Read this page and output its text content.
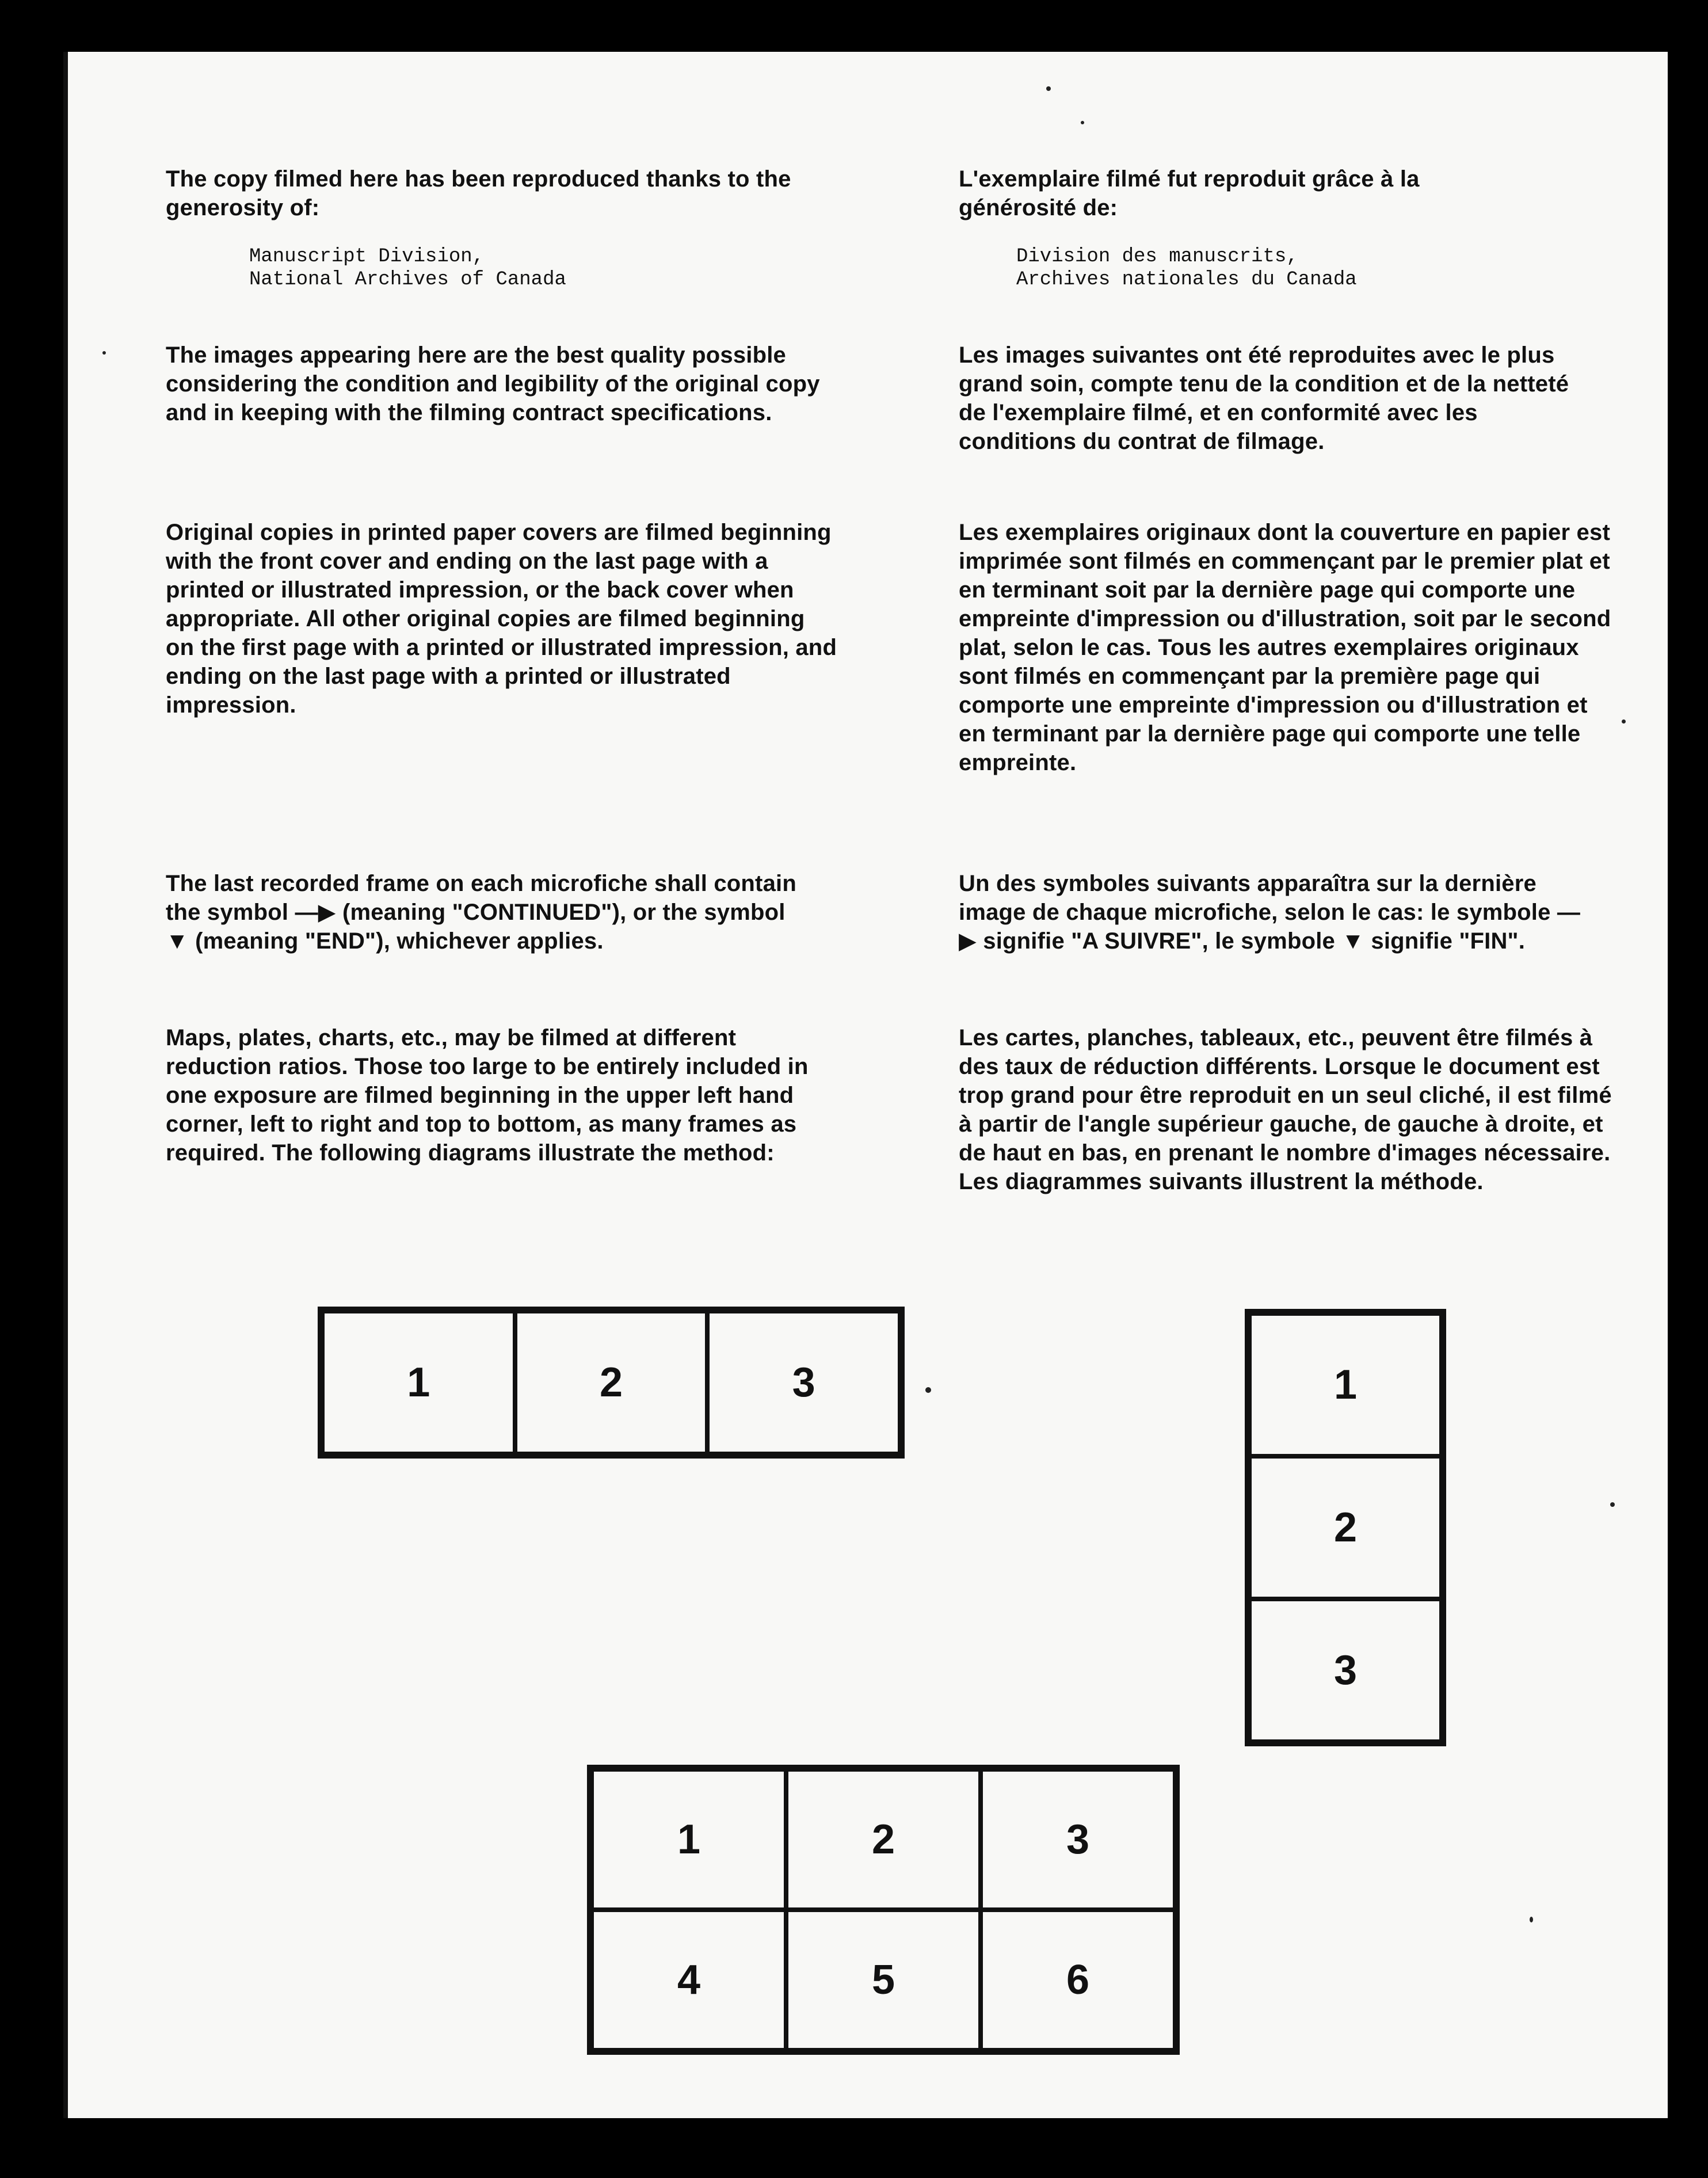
The copy filmed here has been reproduced thanks to the generosity of:

Manuscript Division,
National Archives of Canada

The images appearing here are the best quality possible considering the condition and legibility of the original copy and in keeping with the filming contract specifications.

Original copies in printed paper covers are filmed beginning with the front cover and ending on the last page with a printed or illustrated impression, or the back cover when appropriate. All other original copies are filmed beginning on the first page with a printed or illustrated impression, and ending on the last page with a printed or illustrated impression.

The last recorded frame on each microfiche shall contain the symbol —▶ (meaning "CONTINUED"), or the symbol ▼ (meaning "END"), whichever applies.

Maps, plates, charts, etc., may be filmed at different reduction ratios. Those too large to be entirely included in one exposure are filmed beginning in the upper left hand corner, left to right and top to bottom, as many frames as required. The following diagrams illustrate the method:

L'exemplaire filmé fut reproduit grâce à la générosité de:

Division des manuscrits,
Archives nationales du Canada

Les images suivantes ont été reproduites avec le plus grand soin, compte tenu de la condition et de la netteté de l'exemplaire filmé, et en conformité avec les conditions du contrat de filmage.

Les exemplaires originaux dont la couverture en papier est imprimée sont filmés en commençant par le premier plat et en terminant soit par la dernière page qui comporte une empreinte d'impression ou d'illustration, soit par le second plat, selon le cas. Tous les autres exemplaires originaux sont filmés en commençant par la première page qui comporte une empreinte d'impression ou d'illustration et en terminant par la dernière page qui comporte une telle empreinte.

Un des symboles suivants apparaîtra sur la dernière image de chaque microfiche, selon le cas: le symbole —▶ signifie "A SUIVRE", le symbole ▼ signifie "FIN".

Les cartes, planches, tableaux, etc., peuvent être filmés à des taux de réduction différents. Lorsque le document est trop grand pour être reproduit en un seul cliché, il est filmé à partir de l'angle supérieur gauche, de gauche à droite, et de haut en bas, en prenant le nombre d'images nécessaire. Les diagrammes suivants illustrent la méthode.

1	2	3	1
2
3
1	2	3
4	5	6
